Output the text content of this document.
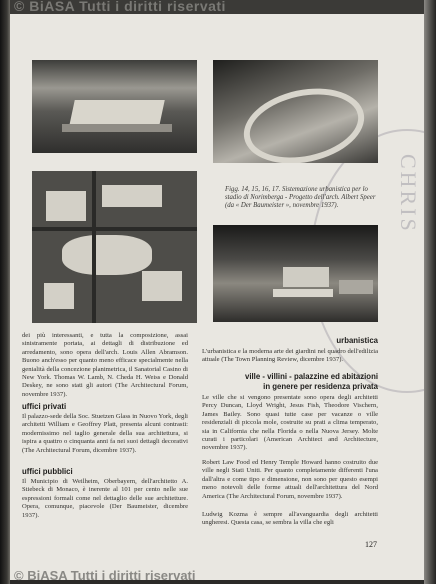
© BiASA Tutti i diritti riservati
CHRIS
Figg. 14, 15, 16, 17. Sistemazione urbanistica per lo stadio di Norimberga - Progetto dell'arch. Albert Speer (da « Der Baumeister », novembre 1937).
dei più interessanti, e tutta la composizione, assai sinistramente portata, ai dettagli di distribuzione ed arredamento, sono opera dell'arch. Louis Allen Abramson. Buono anch'esso per quanto meno efficace specialmente nella genialità della concezione planimetrica, il Sanatorial Casino di New York. Thomas W. Lamb, N. Cheda H. Weiss e Donald Deskey, ne sono stati gli autori (The Architectural Forum, novembre 1937).
uffici privati
Il palazzo-sede della Soc. Stuetzen Glass in Nuovo York, degli architetti William e Geoffrey Platt, presenta alcuni contrasti: modernissimo nel taglio generale della sua architettura, si ispira a quattro o cinquanta anni fa nei suoi dettagli decorativi (The Architectural Forum, dicembre 1937).
uffici pubblici
Il Municipio di Weilheim, Oberbayern, dell'architetto A. Stiebeck di Monaco, è inerente al 101 per cento nelle sue espressioni formali come nel dettaglio delle sue architetture. Opera, comunque, piacevole (Der Baumeister, dicembre 1937).
urbanistica
L'urbanistica e la moderna arte dei giardini nel quadro dell'edilizia attuale (The Town Planning Review, dicembre 1937).
ville - villini - palazzine ed abitazioni
in genere per residenza privata
Le ville che si vengono presentate sono opera degli architetti Percy Duncan, Lloyd Wright, Jesus Fish, Theodore Vischern, James Bailey. Sono quasi tutte case per vacanze o ville residenziali di piccola mole, costruite su prati a clima temperato, sia in California che nella Florida o nella Nuova Jersey. Molte curati i particolari (American Architect and Architecture, novembre 1937).
Robert Law Food ed Henry Temple Howard hanno costruito due ville negli Stati Uniti. Per quanto completamente differenti l'una dall'altra e come tipo e dimensione, non sono per questo esempi meno notevoli delle forme attuali dell'architettura del Nord America (The Architectural Forum, novembre 1937).
Ludwig Kozma è sempre all'avanguardia degli architetti ungheresi. Questa casa, se sembra la villa che egli
127
© BiASA Tutti i diritti riservati
